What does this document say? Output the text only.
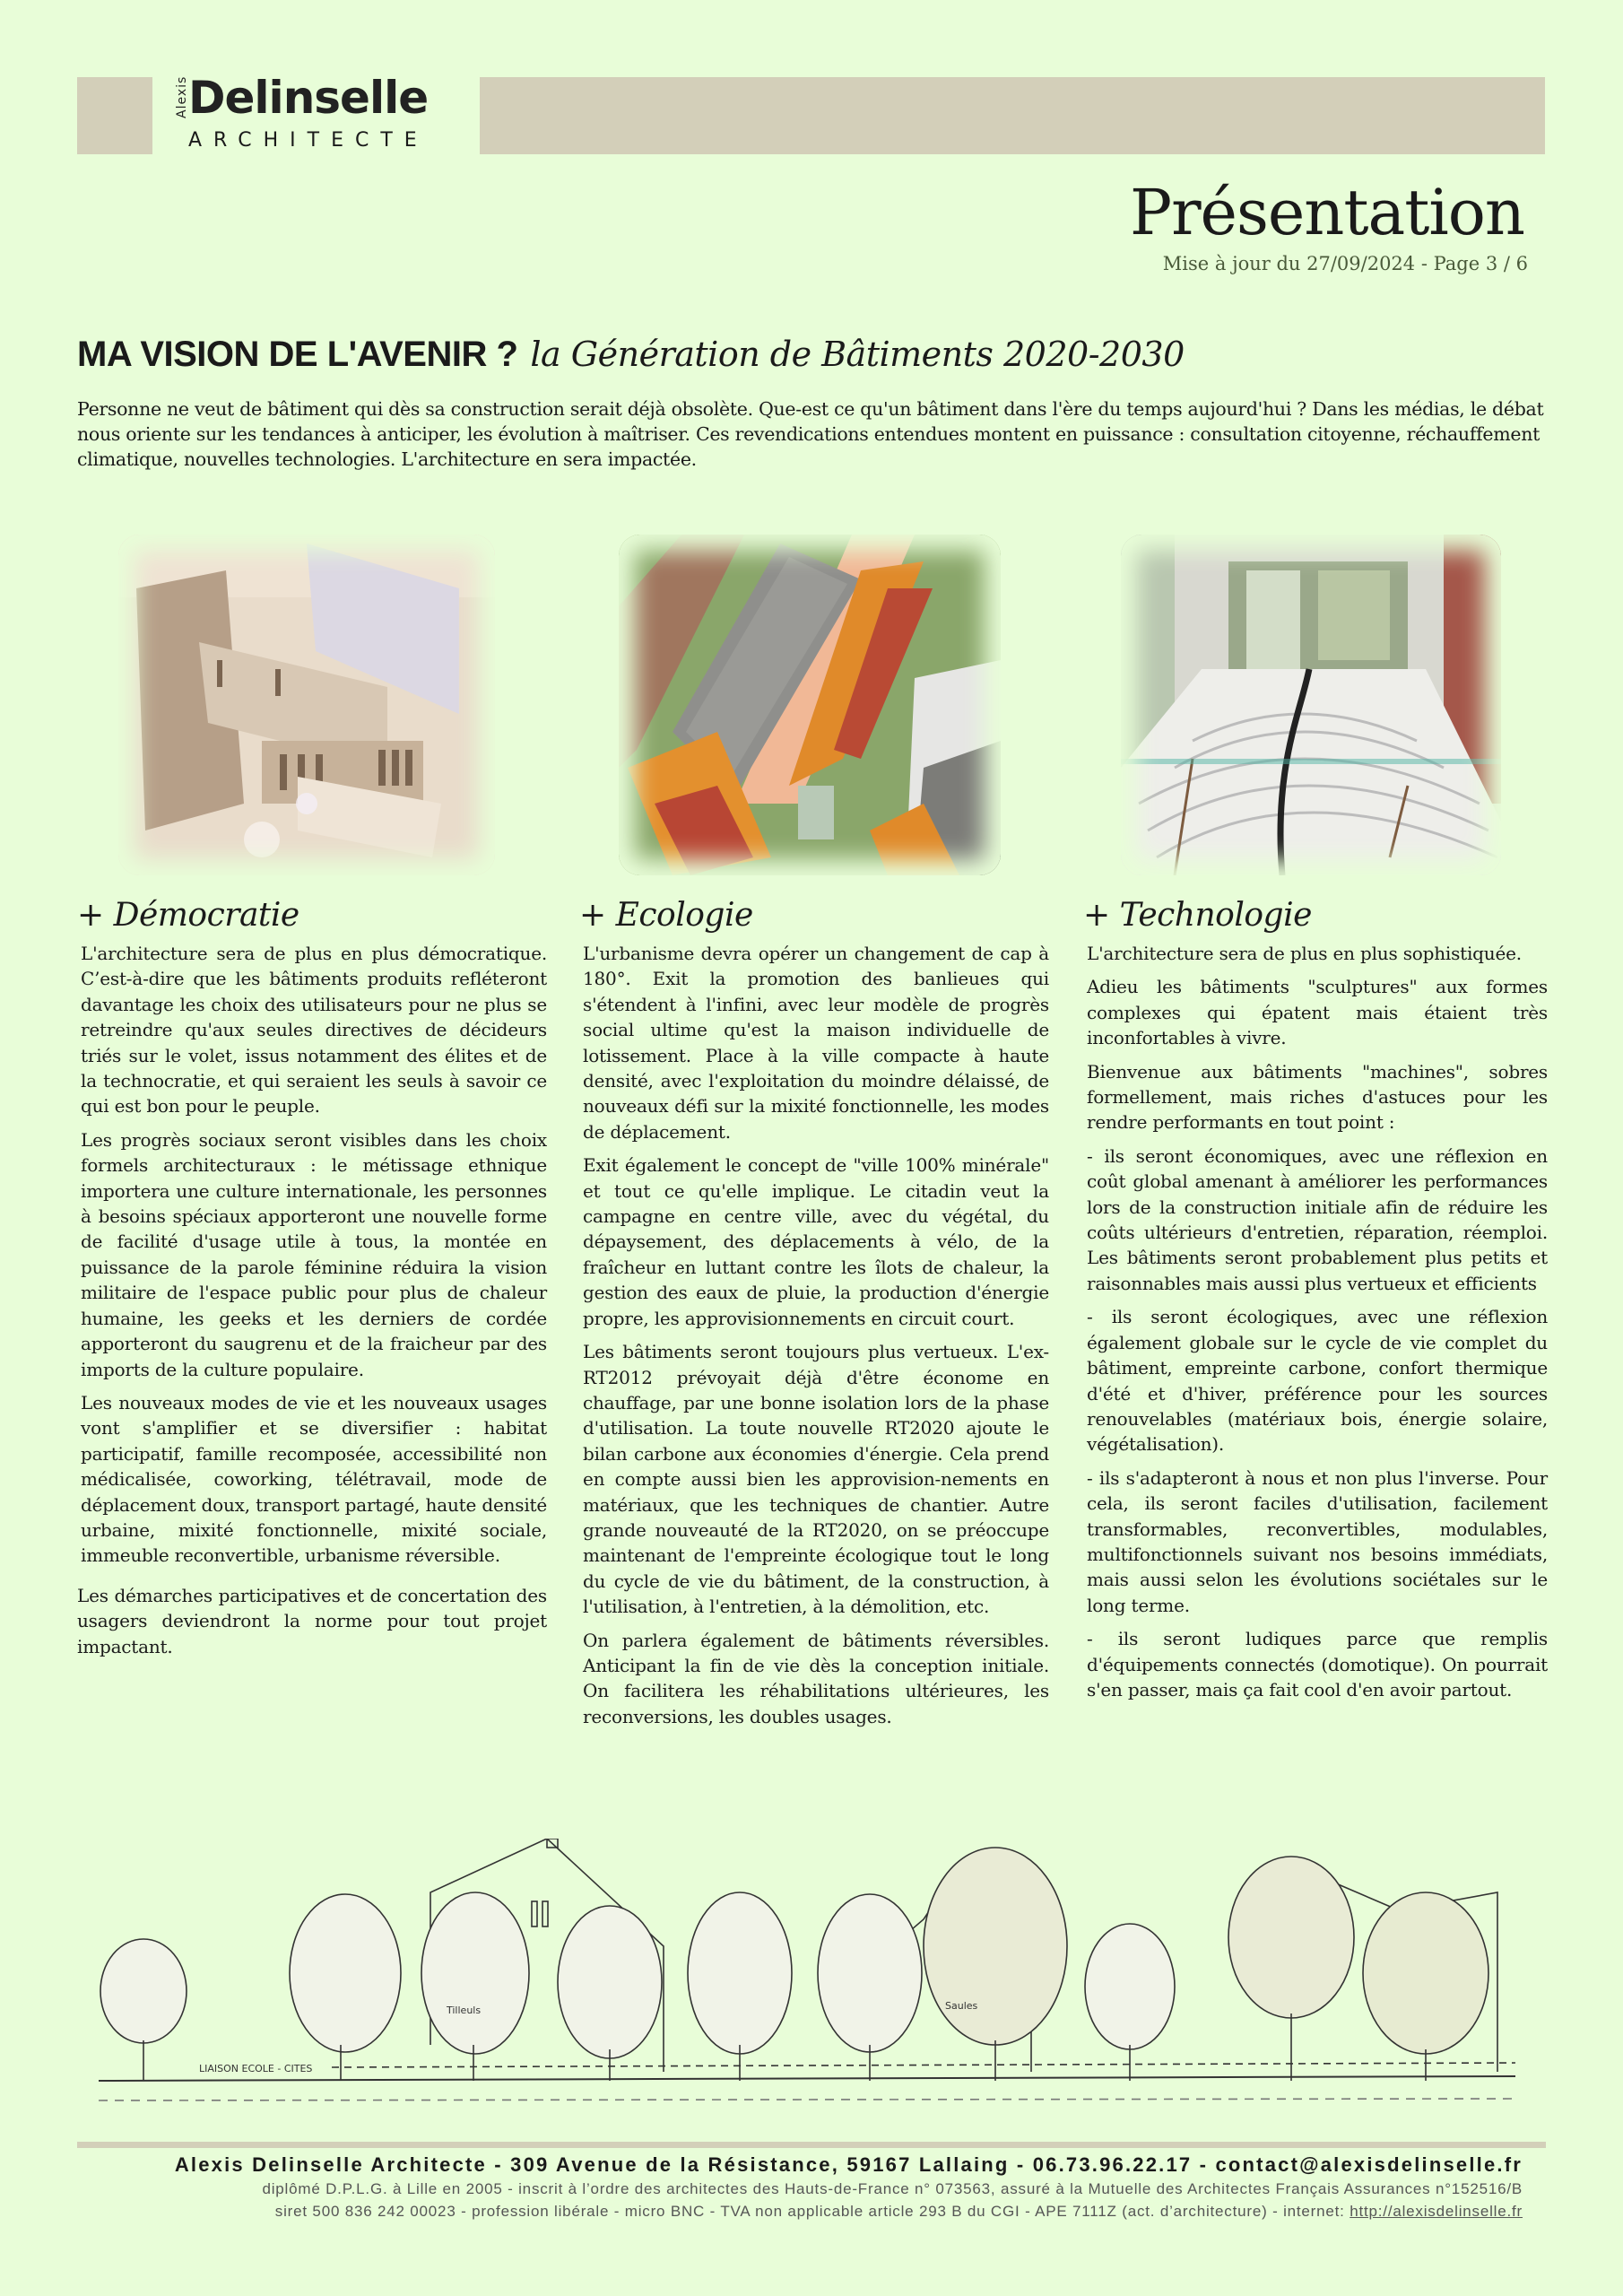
Alexis Delinselle
ARCHITECTE
Présentation
Mise à jour du 27/09/2024 - Page 3 / 6
MA VISION DE L'AVENIR ? la Génération de Bâtiments 2020-2030
Personne ne veut de bâtiment qui dès sa construction serait déjà obsolète. Que-est ce qu'un bâtiment dans l'ère du temps aujourd'hui ? Dans les médias, le débat nous oriente sur les tendances à anticiper, les évolution à maîtriser. Ces revendications entendues montent en puissance : consultation citoyenne, réchauffement climatique, nouvelles technologies. L'architecture en sera impactée.
+ Démocratie

L'architecture sera de plus en plus démocratique. C’est-à-dire que les bâtiments produits refléteront davantage les choix des utilisateurs pour ne plus se retreindre qu'aux seules directives de décideurs triés sur le volet, issus notamment des élites et de la technocratie, et qui seraient les seuls à savoir ce qui est bon pour le peuple.

Les progrès sociaux seront visibles dans les choix formels architecturaux : le métissage ethnique importera une culture internationale, les personnes à besoins spéciaux apporteront une nouvelle forme de facilité d'usage utile à tous, la montée en puissance de la parole féminine réduira la vision militaire de l'espace public pour plus de chaleur humaine, les geeks et les derniers de cordée apporteront du saugrenu et de la fraicheur par des imports de la culture populaire.

Les nouveaux modes de vie et les nouveaux usages vont s'amplifier et se diversifier : habitat participatif, famille recomposée, accessibilité non médicalisée, coworking, télétravail, mode de déplacement doux, transport partagé, haute densité urbaine, mixité fonctionnelle, mixité sociale, immeuble reconvertible, urbanisme réversible.

Les démarches participatives et de concertation des usagers deviendront la norme pour tout projet impactant.

+ Ecologie

L'urbanisme devra opérer un changement de cap à 180°. Exit la promotion des banlieues qui s'étendent à l'infini, avec leur modèle de progrès social ultime qu'est la maison individuelle de lotissement. Place à la ville compacte à haute densité, avec l'exploitation du moindre délaissé, de nouveaux défi sur la mixité fonctionnelle, les modes de déplacement.

Exit également le concept de "ville 100% minérale" et tout ce qu'elle implique. Le citadin veut la campagne en centre ville, avec du végétal, du dépaysement, des déplacements à vélo, de la fraîcheur en luttant contre les îlots de chaleur, la gestion des eaux de pluie, la production d'énergie propre, les approvisionnements en circuit court.

Les bâtiments seront toujours plus vertueux. L'ex-RT2012 prévoyait déjà d'être économe en chauffage, par une bonne isolation lors de la phase d'utilisation. La toute nouvelle RT2020 ajoute le bilan carbone aux économies d'énergie. Cela prend en compte aussi bien les approvision-nements en matériaux, que les techniques de chantier. Autre grande nouveauté de la RT2020, on se préoccupe maintenant de l'empreinte écologique tout le long du cycle de vie du bâtiment, de la construction, à l'utilisation, à l'entretien, à la démolition, etc.

On parlera également de bâtiments réversibles. Anticipant la fin de vie dès la conception initiale. On facilitera les réhabilitations ultérieures, les reconversions, les doubles usages.

+ Technologie

L'architecture sera de plus en plus sophistiquée.

Adieu les bâtiments "sculptures" aux formes complexes qui épatent mais étaient très inconfortables à vivre.

Bienvenue aux bâtiments "machines", sobres formellement, mais riches d'astuces pour les rendre performants en tout point :

- ils seront économiques, avec une réflexion en coût global amenant à améliorer les performances lors de la construction initiale afin de réduire les coûts ultérieurs d'entretien, réparation, réemploi. Les bâtiments seront probablement plus petits et raisonnables mais aussi plus vertueux et efficients

- ils seront écologiques, avec une réflexion également globale sur le cycle de vie complet du bâtiment, empreinte carbone, confort thermique d'été et d'hiver, préférence pour les sources renouvelables (matériaux bois, énergie solaire, végétalisation).

- ils s'adapteront à nous et non plus l'inverse. Pour cela, ils seront faciles d'utilisation, facilement transformables, reconvertibles, modulables, multifonctionnels suivant nos besoins immédiats, mais aussi selon les évolutions sociétales sur le long terme.

- ils seront ludiques parce que remplis d'équipements connectés (domotique). On pourrait s'en passer, mais ça fait cool d'en avoir partout.

LIAISON ECOLE - CITES
Tilleuls	Saules
Alexis Delinselle Architecte - 309 Avenue de la Résistance, 59167 Lallaing - 06.73.96.22.17 - contact@alexisdelinselle.fr
diplômé D.P.L.G. à Lille en 2005 - inscrit à l’ordre des architectes des Hauts-de-France n° 073563, assuré à la Mutuelle des Architectes Français Assurances n°152516/B
siret 500 836 242 00023 - profession libérale - micro BNC - TVA non applicable article 293 B du CGI - APE 7111Z (act. d’architecture) - internet: http://alexisdelinselle.fr
